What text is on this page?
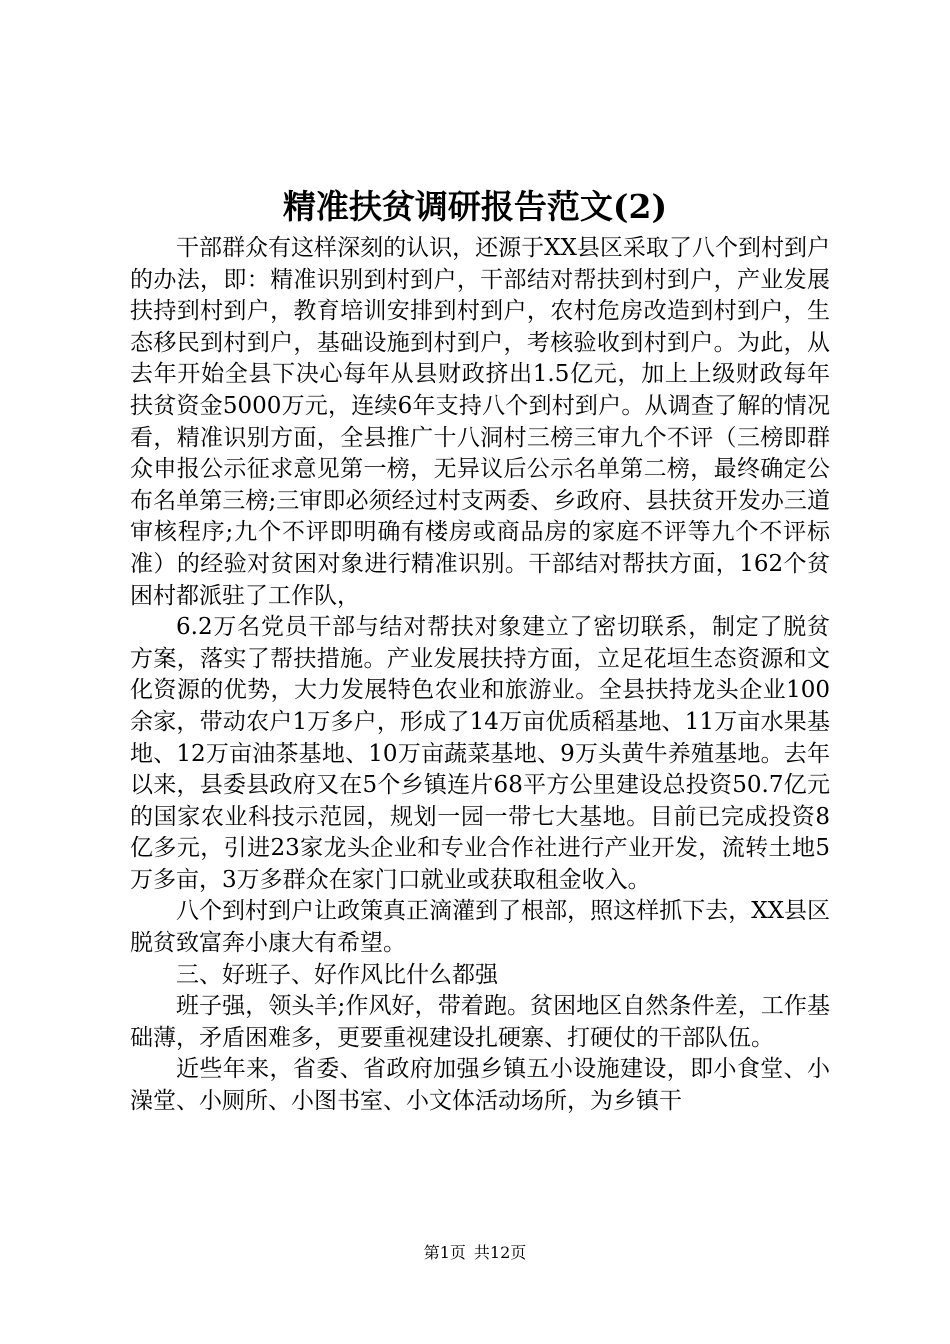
精准扶贫调研报告范文(2)

干部群众有这样深刻的认识，还源于XX县区采取了八个到村到户的办法，即：精准识别到村到户，干部结对帮扶到村到户，产业发展扶持到村到户，教育培训安排到村到户，农村危房改造到村到户，生态移民到村到户，基础设施到村到户，考核验收到村到户。为此，从去年开始全县下决心每年从县财政挤出1.5亿元，加上上级财政每年扶贫资金5000万元，连续6年支持八个到村到户。从调查了解的情况看，精准识别方面，全县推广十八洞村三榜三审九个不评（三榜即群众申报公示征求意见第一榜，无异议后公示名单第二榜，最终确定公布名单第三榜;三审即必须经过村支两委、乡政府、县扶贫开发办三道审核程序;九个不评即明确有楼房或商品房的家庭不评等九个不评标准）的经验对贫困对象进行精准识别。干部结对帮扶方面，162个贫困村都派驻了工作队，

6.2万名党员干部与结对帮扶对象建立了密切联系，制定了脱贫方案，落实了帮扶措施。产业发展扶持方面，立足花垣生态资源和文化资源的优势，大力发展特色农业和旅游业。全县扶持龙头企业100余家，带动农户1万多户，形成了14万亩优质稻基地、11万亩水果基地、12万亩油茶基地、10万亩蔬菜基地、9万头黄牛养殖基地。去年以来，县委县政府又在5个乡镇连片68平方公里建设总投资50.7亿元的国家农业科技示范园，规划一园一带七大基地。目前已完成投资8亿多元，引进23家龙头企业和专业合作社进行产业开发，流转土地5万多亩，3万多群众在家门口就业或获取租金收入。

八个到村到户让政策真正滴灌到了根部，照这样抓下去，XX县区脱贫致富奔小康大有希望。

三、好班子、好作风比什么都强

班子强，领头羊;作风好，带着跑。贫困地区自然条件差，工作基础薄，矛盾困难多，更要重视建设扎硬寨、打硬仗的干部队伍。

近些年来，省委、省政府加强乡镇五小设施建设，即小食堂、小澡堂、小厕所、小图书室、小文体活动场所，为乡镇干

第1页 共12页
